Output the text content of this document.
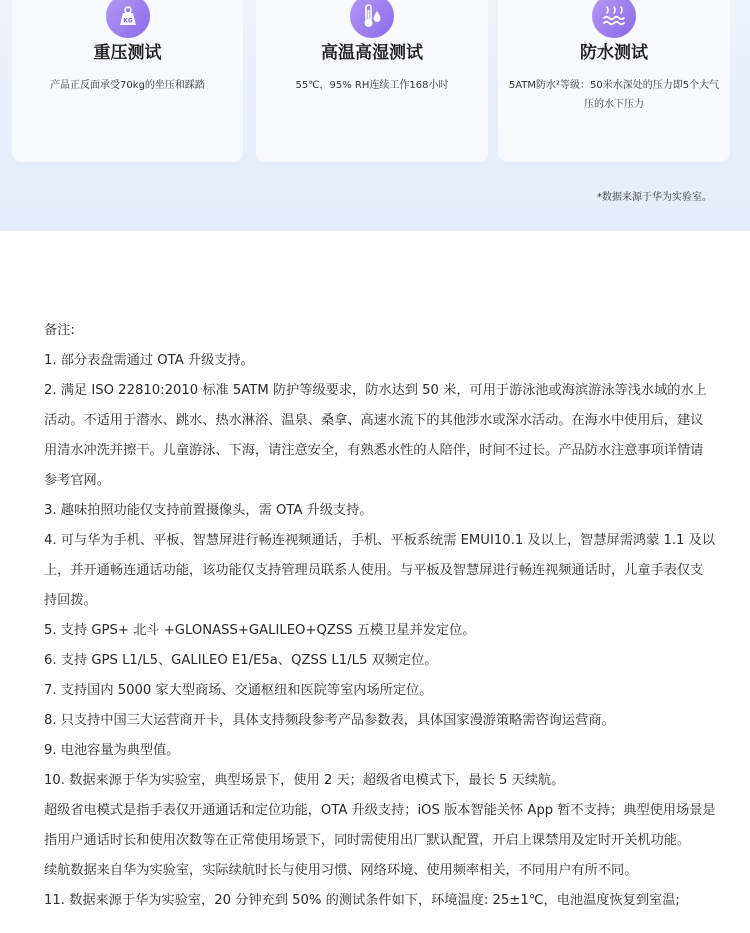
KG
重压测试

产品正反面承受70kg的坐压和踩踏

高温高湿测试

55℃，95% RH连续工作168小时

防水测试

5ATM防水²等级：50米水深处的压力即5个大气压的水下压力

*数据来源于华为实验室。
备注:
1. 部分表盘需通过 OTA 升级支持。
2. 满足 ISO 22810:2010 标准 5ATM 防护等级要求，防水达到 50 米，可用于游泳池或海滨游泳等浅水域的水上活动。不适用于潜水、跳水、热水淋浴、温泉、桑拿、高速水流下的其他涉水或深水活动。在海水中使用后，建议用清水冲洗并擦干。儿童游泳、下海，请注意安全，有熟悉水性的人陪伴，时间不过长。产品防水注意事项详情请参考官网。
3. 趣味拍照功能仅支持前置摄像头，需 OTA 升级支持。
4. 可与华为手机、平板、智慧屏进行畅连视频通话，手机、平板系统需 EMUI10.1 及以上，智慧屏需鸿蒙 1.1 及以上，并开通畅连通话功能，该功能仅支持管理员联系人使用。与平板及智慧屏进行畅连视频通话时，儿童手表仅支持回拨。
5. 支持 GPS+ 北斗 +GLONASS+GALILEO+QZSS 五模卫星并发定位。
6. 支持 GPS L1/L5、GALILEO E1/E5a、QZSS L1/L5 双频定位。
7. 支持国内 5000 家大型商场、交通枢纽和医院等室内场所定位。
8. 只支持中国三大运营商开卡，具体支持频段参考产品参数表，具体国家漫游策略需咨询运营商。
9. 电池容量为典型值。
10. 数据来源于华为实验室，典型场景下，使用 2 天；超级省电模式下，最长 5 天续航。
超级省电模式是指手表仅开通通话和定位功能，OTA 升级支持；iOS 版本智能关怀 App 暂不支持；典型使用场景是指用户通话时长和使用次数等在正常使用场景下，同时需使用出厂默认配置，开启上课禁用及定时开关机功能。
续航数据来自华为实验室，实际续航时长与使用习惯、网络环境、使用频率相关，不同用户有所不同。
11. 数据来源于华为实验室，20 分钟充到 50% 的测试条件如下，环境温度: 25±1℃，电池温度恢复到室温;
